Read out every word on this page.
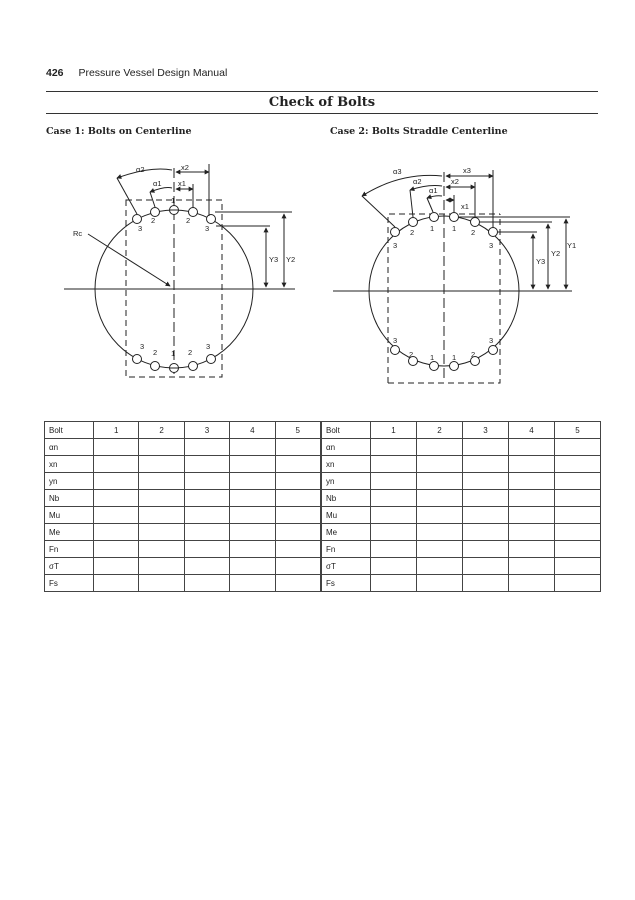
426 Pressure Vessel Design Manual
Check of Bolts
Case 1: Bolts on Centerline	Case 2: Bolts Straddle Centerline
α2	x2
α1 x1
Rc
Y3 Y2
1
2	2
3	3
3	3
2	2
1
α3	x3
α2	x2
α1
x1
Y3
Y2
Y1
1 1
2	2
3	3
3	3
2	2
1 1
Bolt	1	2	3	4	5
αn					
xn					
yn					
Nb					
Mu					
Me					
Fn					
σT					
Fs					
Bolt	1	2	3	4	5
αn					
xn					
yn					
Nb					
Mu					
Me					
Fn					
σT					
Fs					
